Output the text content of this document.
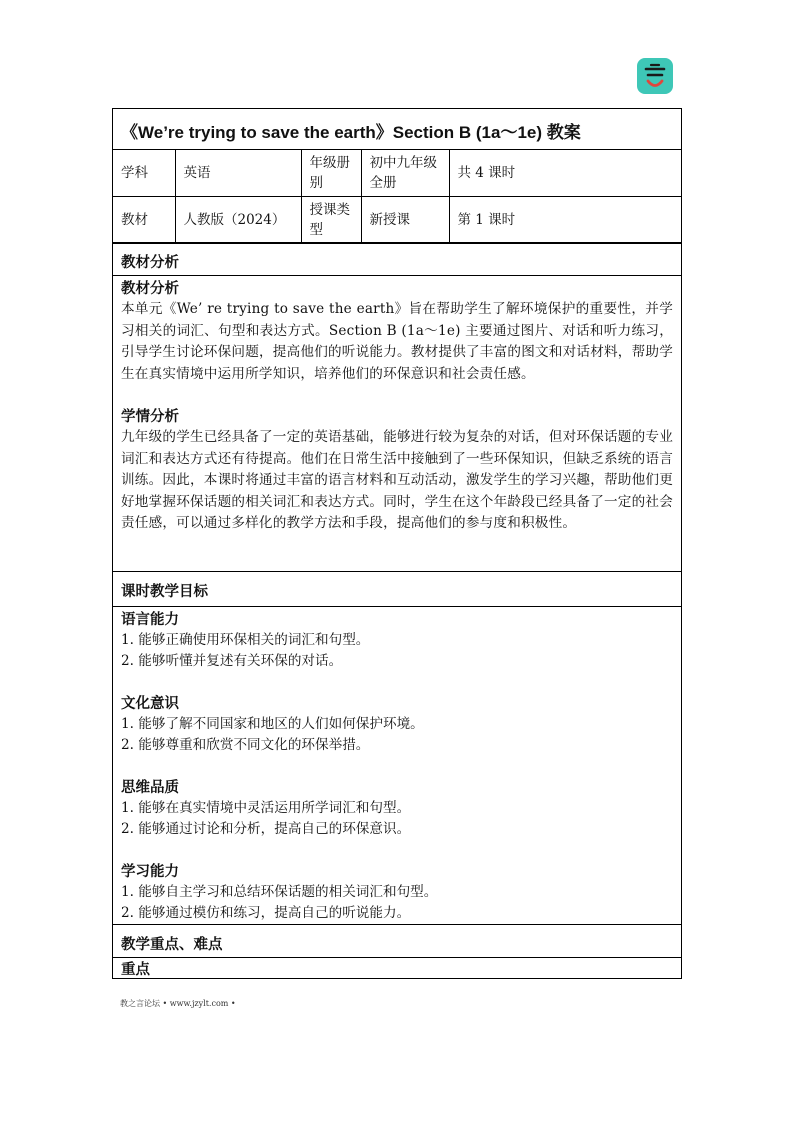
《We’re trying to save the earth》Section B (1a～1e) 教案
学科	英语	年级册别	初中九年级全册	共 4 课时
教材	人教版（2024）	授课类型	新授课	第 1 课时
教材分析
教材分析
本单元《We’ re trying to save the earth》旨在帮助学生了解环境保护的重要性，并学习相关的词汇、句型和表达方式。Section B (1a～1e) 主要通过图片、对话和听力练习，引导学生讨论环保问题，提高他们的听说能力。教材提供了丰富的图文和对话材料，帮助学生在真实情境中运用所学知识，培养他们的环保意识和社会责任感。
学情分析
九年级的学生已经具备了一定的英语基础，能够进行较为复杂的对话，但对环保话题的专业词汇和表达方式还有待提高。他们在日常生活中接触到了一些环保知识，但缺乏系统的语言训练。因此，本课时将通过丰富的语言材料和互动活动，激发学生的学习兴趣，帮助他们更好地掌握环保话题的相关词汇和表达方式。同时，学生在这个年龄段已经具备了一定的社会责任感，可以通过多样化的教学方法和手段，提高他们的参与度和积极性。
课时教学目标
语言能力
1. 能够正确使用环保相关的词汇和句型。
2. 能够听懂并复述有关环保的对话。
文化意识
1. 能够了解不同国家和地区的人们如何保护环境。
2. 能够尊重和欣赏不同文化的环保举措。
思维品质
1. 能够在真实情境中灵活运用所学词汇和句型。
2. 能够通过讨论和分析，提高自己的环保意识。
学习能力
1. 能够自主学习和总结环保话题的相关词汇和句型。
2. 能够通过模仿和练习，提高自己的听说能力。
教学重点、难点
重点
教之言论坛 • www.jzylt.com •
